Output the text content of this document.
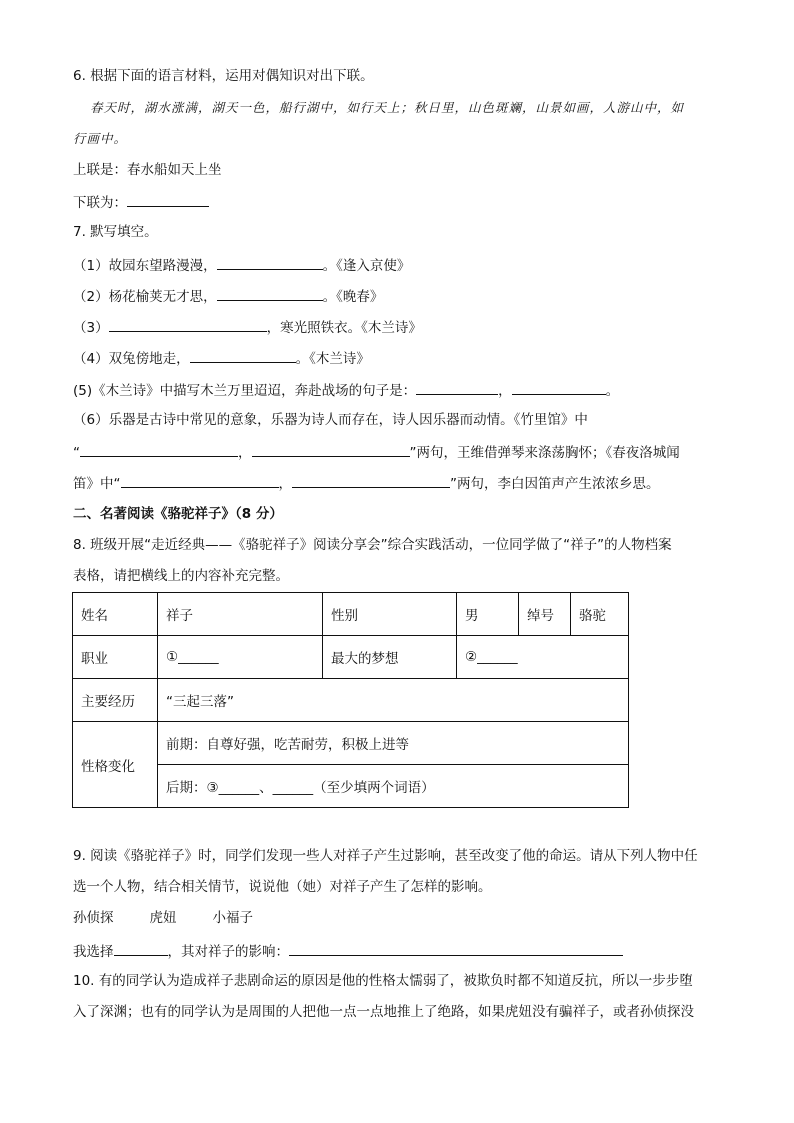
6. 根据下面的语言材料，运用对偶知识对出下联。
春天时，湖水涨满，湖天一色，船行湖中，如行天上；秋日里，山色斑斓，山景如画，人游山中，如
行画中。
上联是：春水船如天上坐
下联为：
7. 默写填空。
（1）故园东望路漫漫，	。《逢入京使》
（2）杨花榆荚无才思，	。《晚春》
（3）	，寒光照铁衣。《木兰诗》
（4）双兔傍地走，	。《木兰诗》
(5)《木兰诗》中描写木兰万里迢迢，奔赴战场的句子是：	，	。
（6）乐器是古诗中常见的意象，乐器为诗人而存在，诗人因乐器而动情。《竹里馆》中
“	，	”两句，王维借弹琴来涤荡胸怀；《春夜洛城闻
笛》中“	，	”两句，李白因笛声产生浓浓乡思。
二、名著阅读《骆驼祥子》（8 分）
8. 班级开展“走近经典——《骆驼祥子》阅读分享会”综合实践活动，一位同学做了“祥子”的人物档案
表格，请把横线上的内容补充完整。
姓名	祥子	性别	男	绰号	骆驼
职业	①______	最大的梦想	②______		
主要经历	“三起三落”				
性格变化	前期：自尊好强，吃苦耐劳，积极上进等				
	后期：③______、______（至少填两个词语）				
9. 阅读《骆驼祥子》时，同学们发现一些人对祥子产生过影响，甚至改变了他的命运。请从下列人物中任
选一个人物，结合相关情节，说说他（她）对祥子产生了怎样的影响。
孙侦探	虎妞	小福子
我选择	，其对祥子的影响：
10. 有的同学认为造成祥子悲剧命运的原因是他的性格太懦弱了，被欺负时都不知道反抗，所以一步步堕
入了深渊；也有的同学认为是周围的人把他一点一点地推上了绝路，如果虎妞没有骗祥子，或者孙侦探没
